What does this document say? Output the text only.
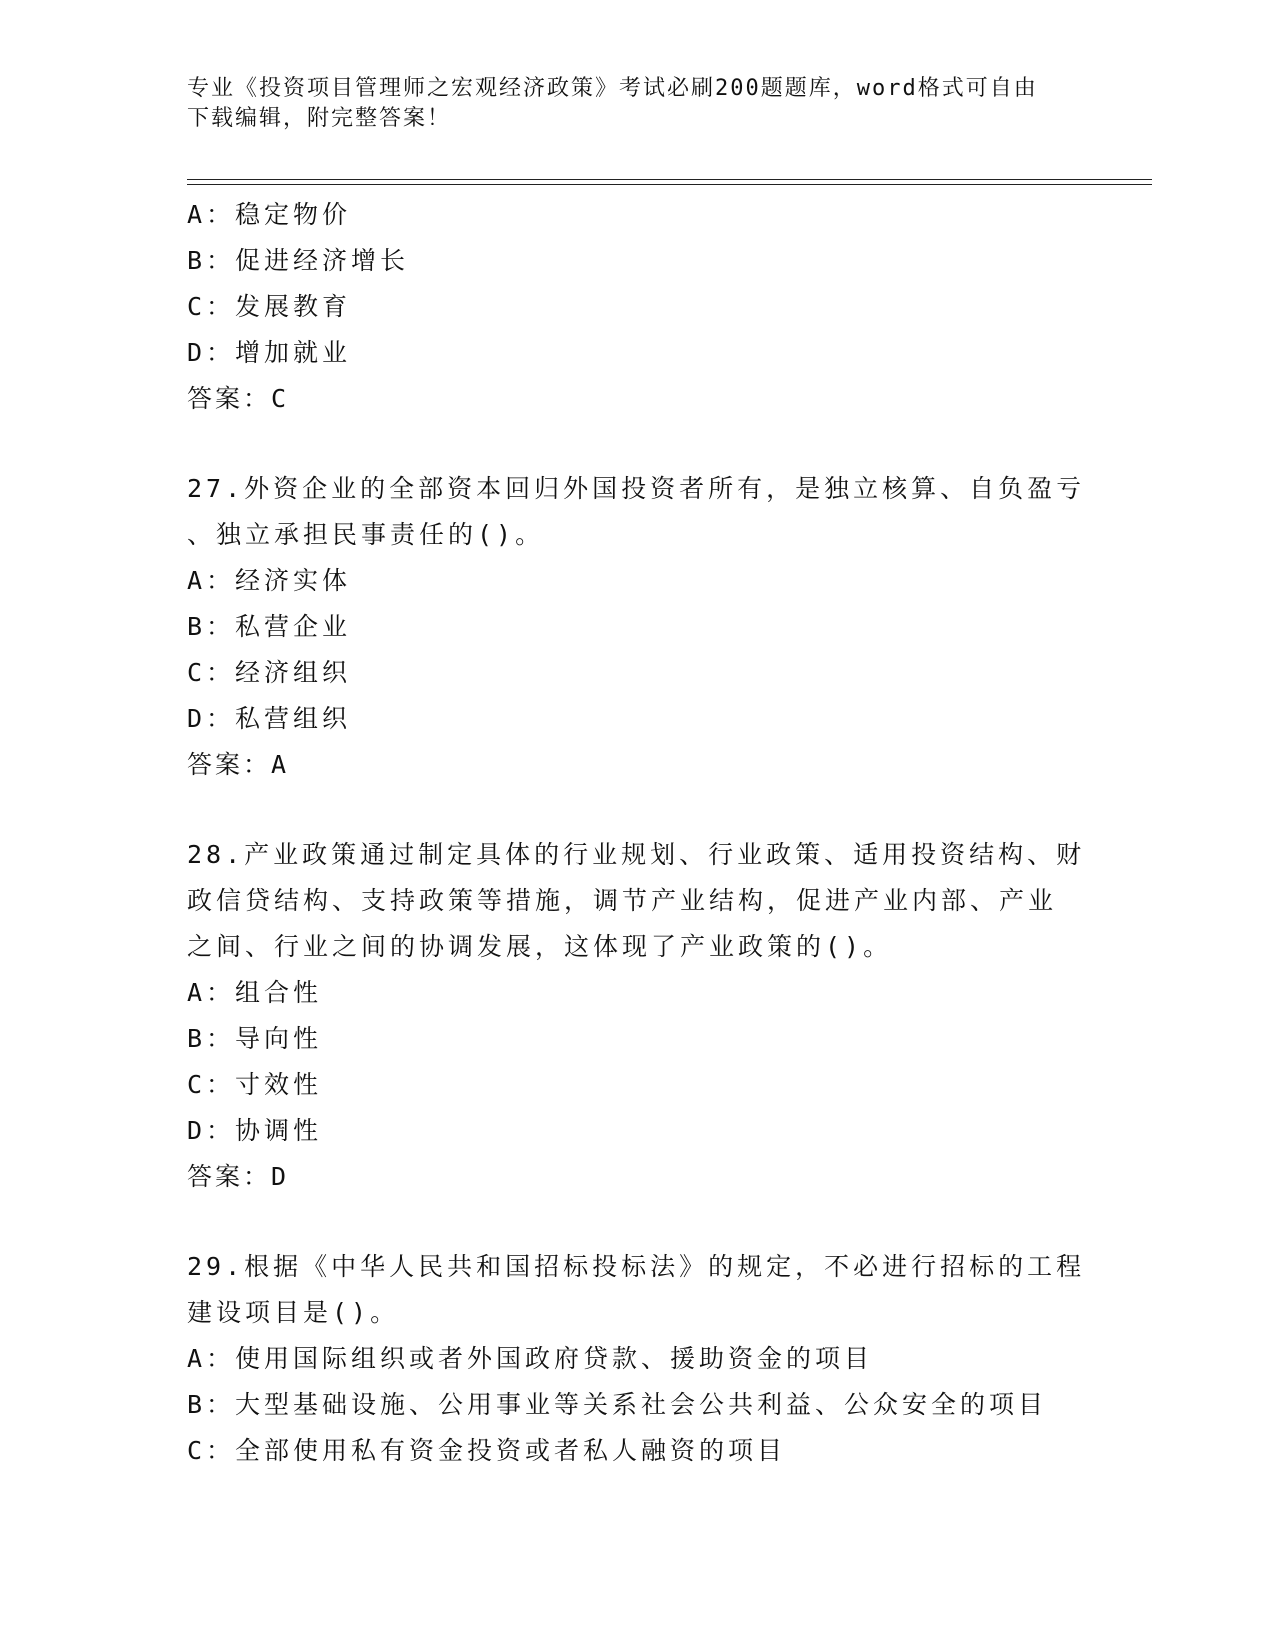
专业《投资项目管理师之宏观经济政策》考试必刷200题题库，word格式可自由
下载编辑，附完整答案！
A：稳定物价
B：促进经济增长
C：发展教育
D：增加就业
答案：C
27.外资企业的全部资本回归外国投资者所有，是独立核算、自负盈亏
、独立承担民事责任的()。
A：经济实体
B：私营企业
C：经济组织
D：私营组织
答案：A
28.产业政策通过制定具体的行业规划、行业政策、适用投资结构、财
政信贷结构、支持政策等措施，调节产业结构，促进产业内部、产业
之间、行业之间的协调发展，这体现了产业政策的()。
A：组合性
B：导向性
C：寸效性
D：协调性
答案：D
29.根据《中华人民共和国招标投标法》的规定，不必进行招标的工程
建设项目是()。
A：使用国际组织或者外国政府贷款、援助资金的项目
B：大型基础设施、公用事业等关系社会公共利益、公众安全的项目
C：全部使用私有资金投资或者私人融资的项目
